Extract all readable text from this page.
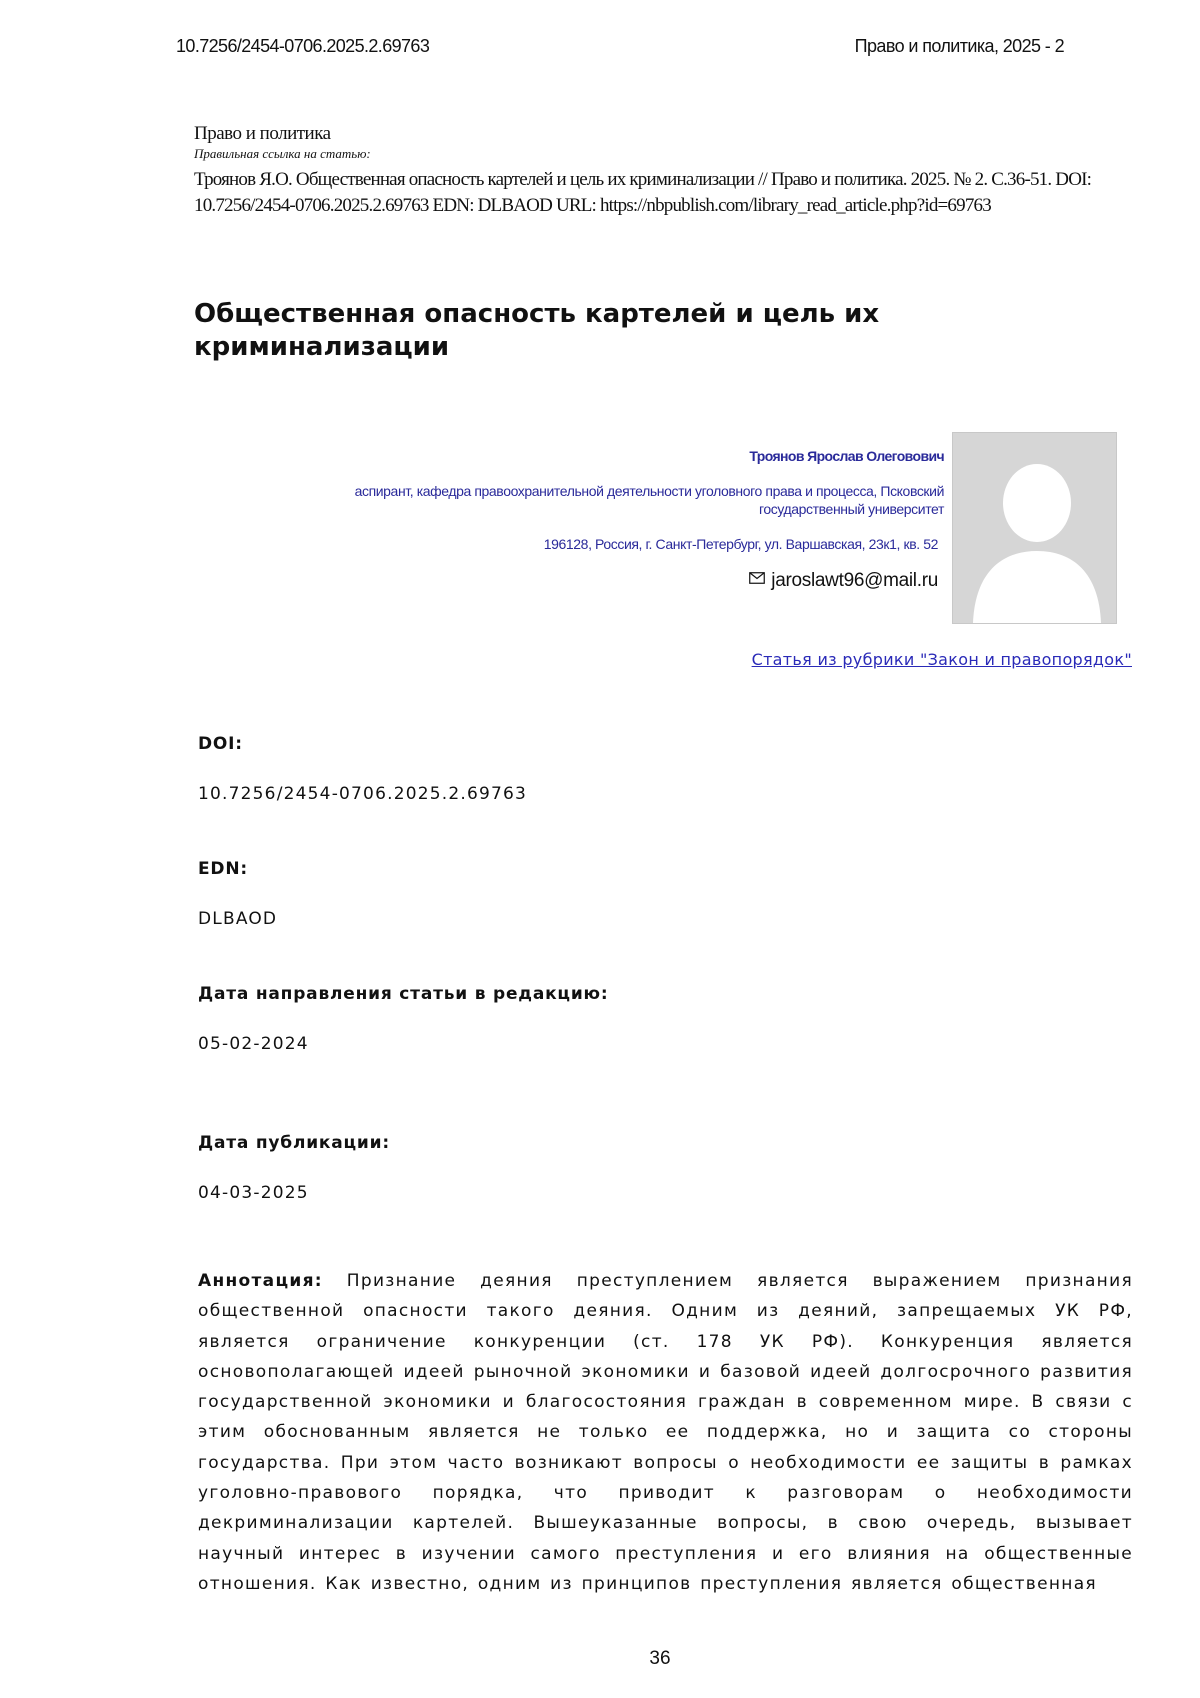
10.7256/2454-0706.2025.2.69763	Право и политика, 2025 - 2
Право и политика
Правильная ссылка на статью:
Троянов Я.О. Общественная опасность картелей и цель их криминализации // Право и политика. 2025. № 2. С.36-51. DOI: 10.7256/2454-0706.2025.2.69763 EDN: DLBAOD URL: https://nbpublish.com/library_read_article.php?id=69763
Общественная опасность картелей и цель их криминализации
Троянов Ярослав Олеговович
аспирант, кафедра правоохранительной деятельности уголовного права и процесса, Псковский государственный университет
196128, Россия, г. Санкт-Петербург, ул. Варшавская, 23к1, кв. 52
jaroslawt96@mail.ru
Статья из рубрики "Закон и правопорядок"
DOI:
10.7256/2454-0706.2025.2.69763
EDN:
DLBAOD
Дата направления статьи в редакцию:
05-02-2024
Дата публикации:
04-03-2025

Аннотация: Признание деяния преступлением является выражением признания общественной опасности такого деяния. Одним из деяний, запрещаемых УК РФ, является ограничение конкуренции (ст. 178 УК РФ). Конкуренция является основополагающей идеей рыночной экономики и базовой идеей долгосрочного развития государственной экономики и благосостояния граждан в современном мире. В связи с этим обоснованным является не только ее поддержка, но и защита со стороны государства. При этом часто возникают вопросы о необходимости ее защиты в рамках уголовно-правового порядка, что приводит к разговорам о необходимости декриминализации картелей. Вышеуказанные вопросы, в свою очередь, вызывает научный интерес в изучении самого преступления и его влияния на общественные отношения. Как известно, одним из принципов преступления является общественная

36
